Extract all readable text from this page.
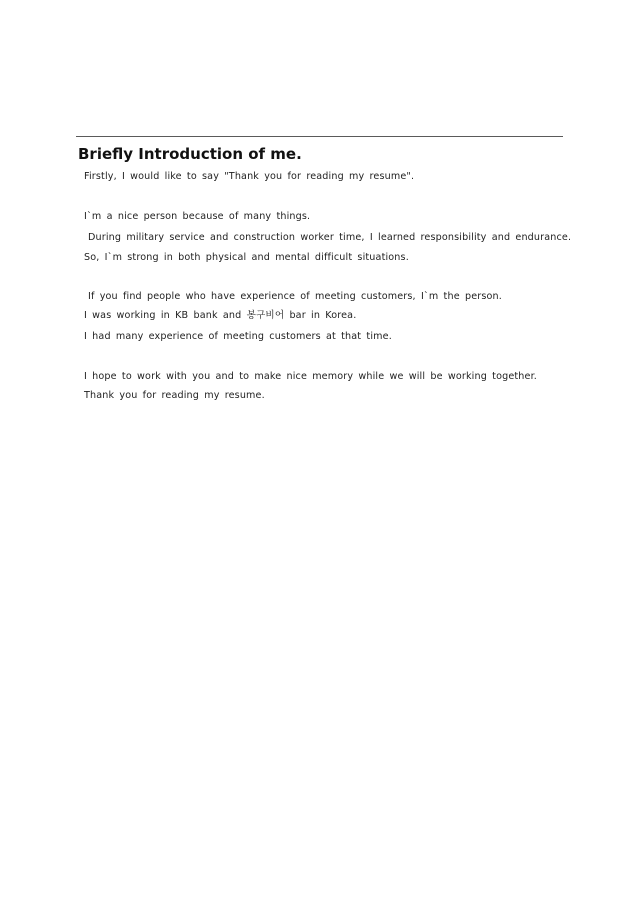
Briefly Introduction of me.
Firstly, I would like to say "Thank you for reading my resume".
I`m a nice person because of many things.
During military service and construction worker time, I learned responsibility and endurance.
So, I`m strong in both physical and mental difficult situations.
If you find people who have experience of meeting customers, I`m the person.
I was working in KB bank and 봉구비어 bar in Korea.
I had many experience of meeting customers at that time.
I hope to work with you and to make nice memory while we will be working together.
Thank you for reading my resume.
